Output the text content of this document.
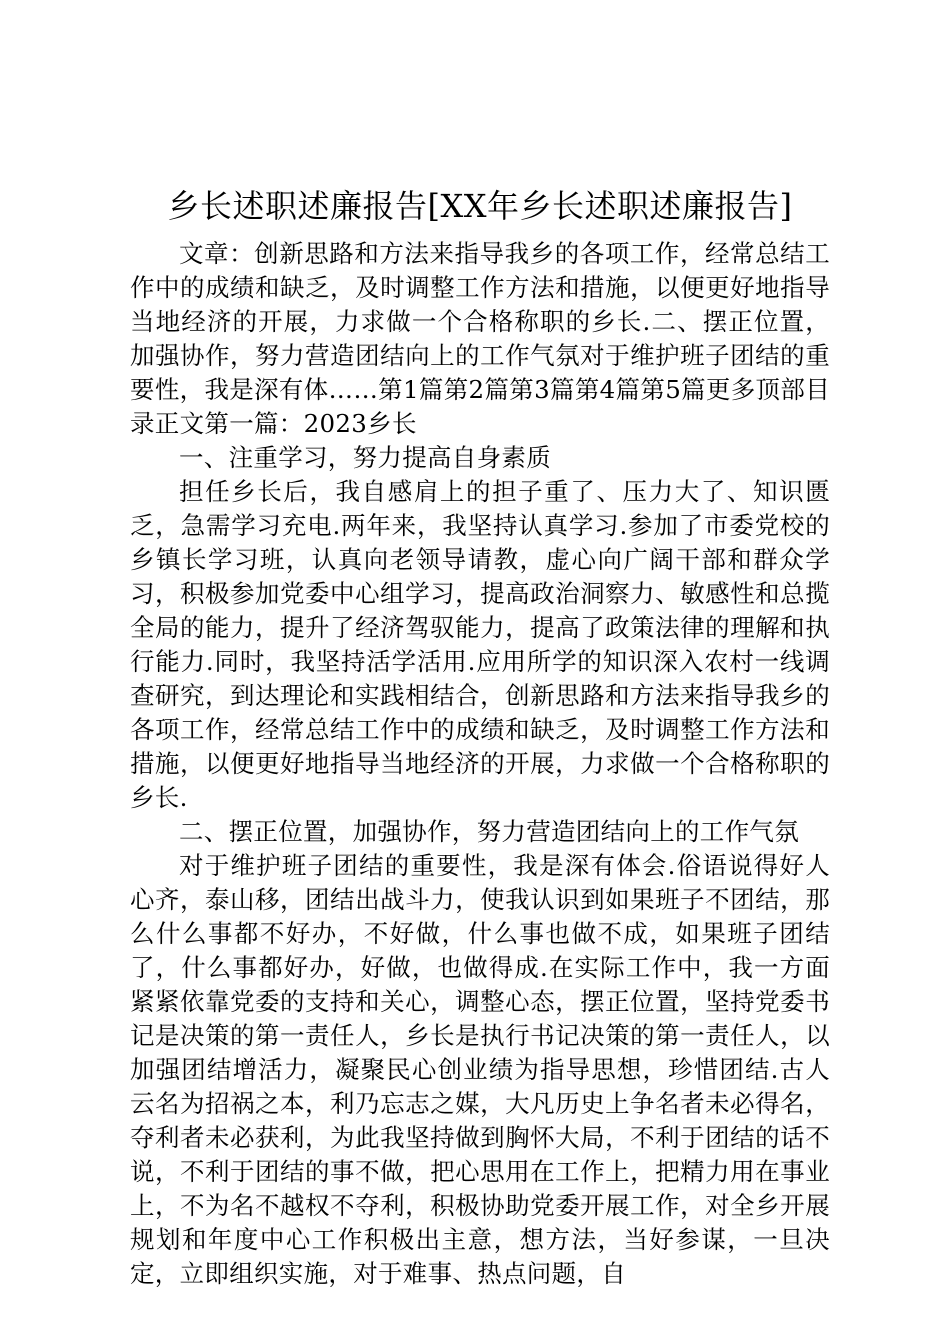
乡长述职述廉报告[XX年乡长述职述廉报告]

文章：创新思路和方法来指导我乡的各项工作，经常总结工作中的成绩和缺乏，及时调整工作方法和措施，以便更好地指导当地经济的开展，力求做一个合格称职的乡长.二、摆正位置，加强协作，努力营造团结向上的工作气氛对于维护班子团结的重要性，我是深有体……第1篇第2篇第3篇第4篇第5篇更多顶部目录正文第一篇：2023乡长

一、注重学习，努力提高自身素质

担任乡长后，我自感肩上的担子重了、压力大了、知识匮乏，急需学习充电.两年来，我坚持认真学习.参加了市委党校的乡镇长学习班，认真向老领导请教，虚心向广阔干部和群众学习，积极参加党委中心组学习，提高政治洞察力、敏感性和总揽全局的能力，提升了经济驾驭能力，提高了政策法律的理解和执行能力.同时，我坚持活学活用.应用所学的知识深入农村一线调查研究，到达理论和实践相结合，创新思路和方法来指导我乡的各项工作，经常总结工作中的成绩和缺乏，及时调整工作方法和措施，以便更好地指导当地经济的开展，力求做一个合格称职的乡长.

二、摆正位置，加强协作，努力营造团结向上的工作气氛

对于维护班子团结的重要性，我是深有体会.俗语说得好人心齐，泰山移，团结出战斗力，使我认识到如果班子不团结，那么什么事都不好办，不好做，什么事也做不成，如果班子团结了，什么事都好办，好做，也做得成.在实际工作中，我一方面紧紧依靠党委的支持和关心，调整心态，摆正位置，坚持党委书记是决策的第一责任人，乡长是执行书记决策的第一责任人，以加强团结增活力，凝聚民心创业绩为指导思想，珍惜团结.古人云名为招祸之本，利乃忘志之媒，大凡历史上争名者未必得名，夺利者未必获利，为此我坚持做到胸怀大局，不利于团结的话不说，不利于团结的事不做，把心思用在工作上，把精力用在事业上，不为名不越权不夺利，积极协助党委开展工作，对全乡开展规划和年度中心工作积极出主意，想方法，当好参谋，一旦决定，立即组织实施，对于难事、热点问题，自
